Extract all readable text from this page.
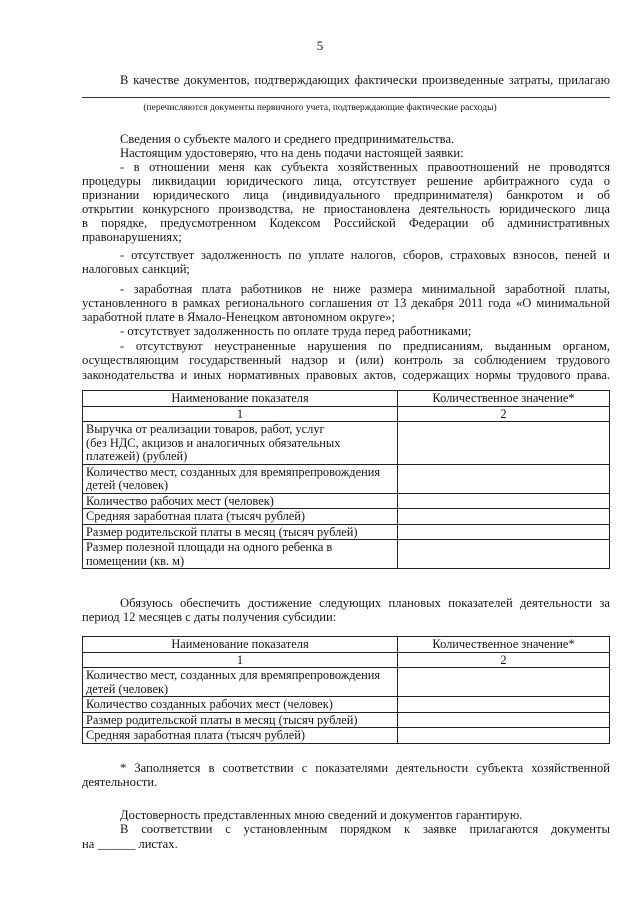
5
В качестве документов, подтверждающих фактически произведенные затраты, прилагаю
(перечисляются документы первичного учета, подтверждающие фактические расходы)
Сведения о субъекте малого и среднего предпринимательства.
Настоящим удостоверяю, что на день подачи настоящей заявки:
- в отношении меня как субъекта хозяйственных правоотношений не проводятся
процедуры ликвидации юридического лица, отсутствует решение арбитражного суда о
признании юридического лица (индивидуального предпринимателя) банкротом и об
открытии конкурсного производства, не приостановлена деятельность юридического лица
в порядке, предусмотренном Кодексом Российской Федерации об административных
правонарушениях;
- отсутствует задолженность по уплате налогов, сборов, страховых взносов, пеней и
налоговых санкций;
- заработная плата работников не ниже размера минимальной заработной платы,
установленного в рамках регионального соглашения от 13 декабря 2011 года «О минимальной
заработной плате в Ямало-Ненецком автономном округе»;
- отсутствует задолженность по оплате труда перед работниками;
- отсутствуют неустраненные нарушения по предписаниям, выданным органом,
осуществляющим государственный надзор и (или) контроль за соблюдением трудового
законодательства и иных нормативных правовых актов, содержащих нормы трудового права.
Наименование показателя	Количественное значение*
1	2

Выручка от реализации товаров, работ, услуг
(без НДС, акцизов и аналогичных обязательных
платежей) (рублей)	

Количество мест, созданных для времяпрепровождения
детей (человек)	

Количество рабочих мест (человек)	

Средняя заработная плата (тысяч рублей)	

Размер родительской платы в месяц (тысяч рублей)	

Размер полезной площади на одного ребенка в
помещении (кв. м)	

Обязуюсь обеспечить достижение следующих плановых показателей деятельности за
период 12 месяцев с даты получения субсидии:
Наименование показателя	Количественное значение*
1	2

Количество мест, созданных для времяпрепровождения
детей (человек)	

Количество созданных рабочих мест (человек)	

Размер родительской платы в месяц (тысяч рублей)	

Средняя заработная плата (тысяч рублей)	

* Заполняется в соответствии с показателями деятельности субъекта хозяйственной
деятельности.
Достоверность представленных мною сведений и документов гарантирую.
В соответствии с установленным порядком к заявке прилагаются документы
на ______ листах.
